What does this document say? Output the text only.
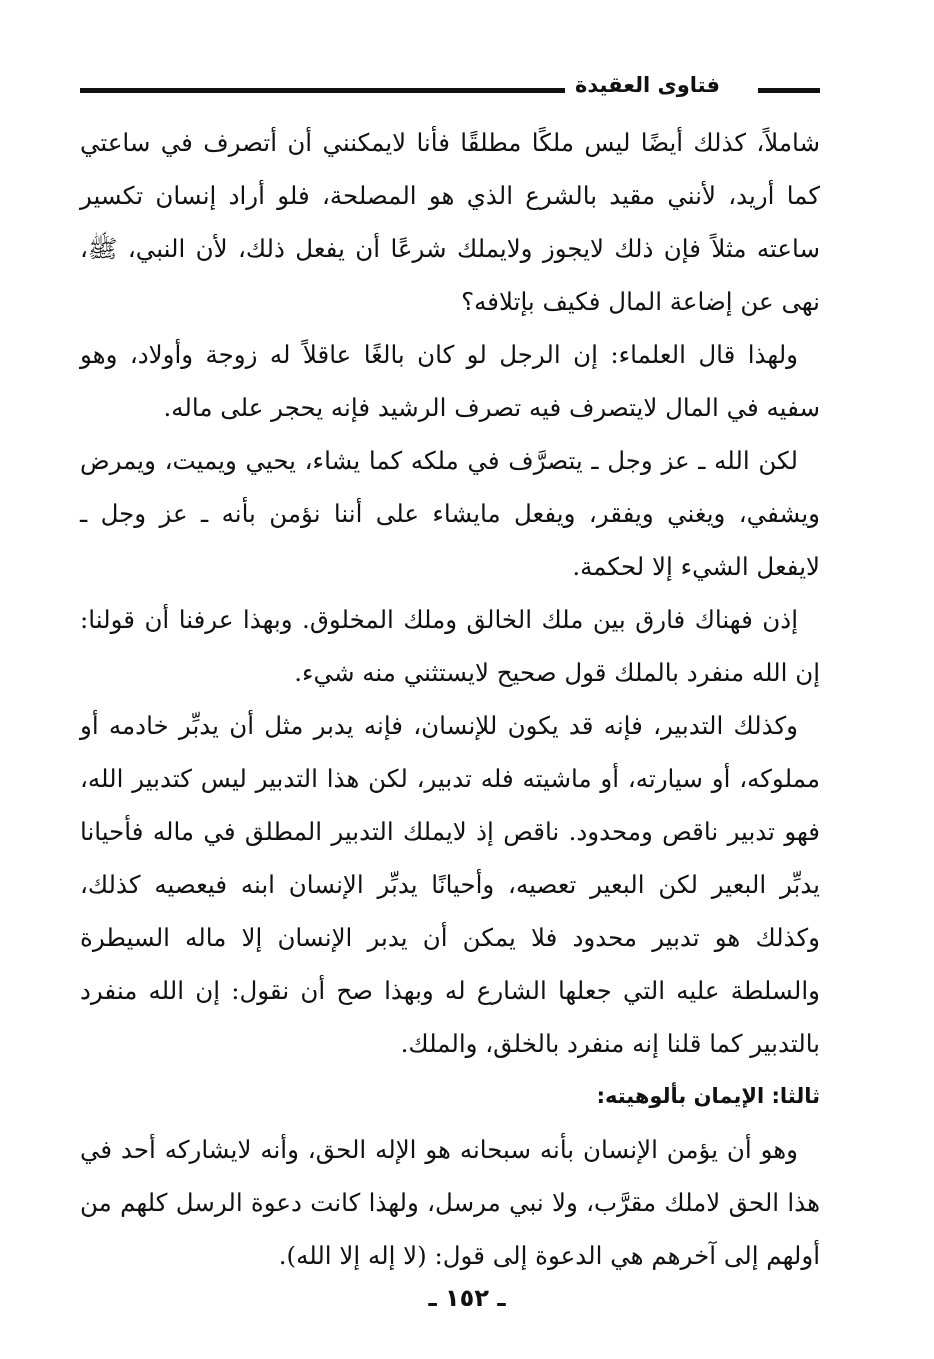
فتاوى العقيدة

شاملاً، كذلك أيضًا ليس ملكًا مطلقًا فأنا لايمكنني أن أتصرف في ساعتي كما أريد، لأنني مقيد بالشرع الذي هو المصلحة، فلو أراد إنسان تكسير ساعته مثلاً فإن ذلك لايجوز ولايملك شرعًا أن يفعل ذلك، لأن النبي، ﷺ، نهى عن إضاعة المال فكيف بإتلافه؟

ولهذا قال العلماء: إن الرجل لو كان بالغًا عاقلاً له زوجة وأولاد، وهو سفيه في المال لايتصرف فيه تصرف الرشيد فإنه يحجر على ماله.

لكن الله ـ عز وجل ـ يتصرَّف في ملكه كما يشاء، يحيي ويميت، ويمرض ويشفي، ويغني ويفقر، ويفعل مايشاء على أننا نؤمن بأنه ـ عز وجل ـ لايفعل الشيء إلا لحكمة.

إذن فهناك فارق بين ملك الخالق وملك المخلوق. وبهذا عرفنا أن قولنا: إن الله منفرد بالملك قول صحيح لايستثني منه شيء.

وكذلك التدبير، فإنه قد يكون للإنسان، فإنه يدبر مثل أن يدبِّر خادمه أو مملوكه، أو سيارته، أو ماشيته فله تدبير، لكن هذا التدبير ليس كتدبير الله، فهو تدبير ناقص ومحدود. ناقص إذ لايملك التدبير المطلق في ماله فأحيانا يدبِّر البعير لكن البعير تعصيه، وأحيانًا يدبِّر الإنسان ابنه فيعصيه كذلك، وكذلك هو تدبير محدود فلا يمكن أن يدبر الإنسان إلا ماله السيطرة والسلطة عليه التي جعلها الشارع له وبهذا صح أن نقول: إن الله منفرد بالتدبير كما قلنا إنه منفرد بالخلق، والملك.

ثالثا: الإيمان بألوهيته:

وهو أن يؤمن الإنسان بأنه سبحانه هو الإله الحق، وأنه لايشاركه أحد في هذا الحق لاملك مقرَّب، ولا نبي مرسل، ولهذا كانت دعوة الرسل كلهم من أولهم إلى آخرهم هي الدعوة إلى قول: (لا إله إلا الله).

ـ ١٥٢ ـ
